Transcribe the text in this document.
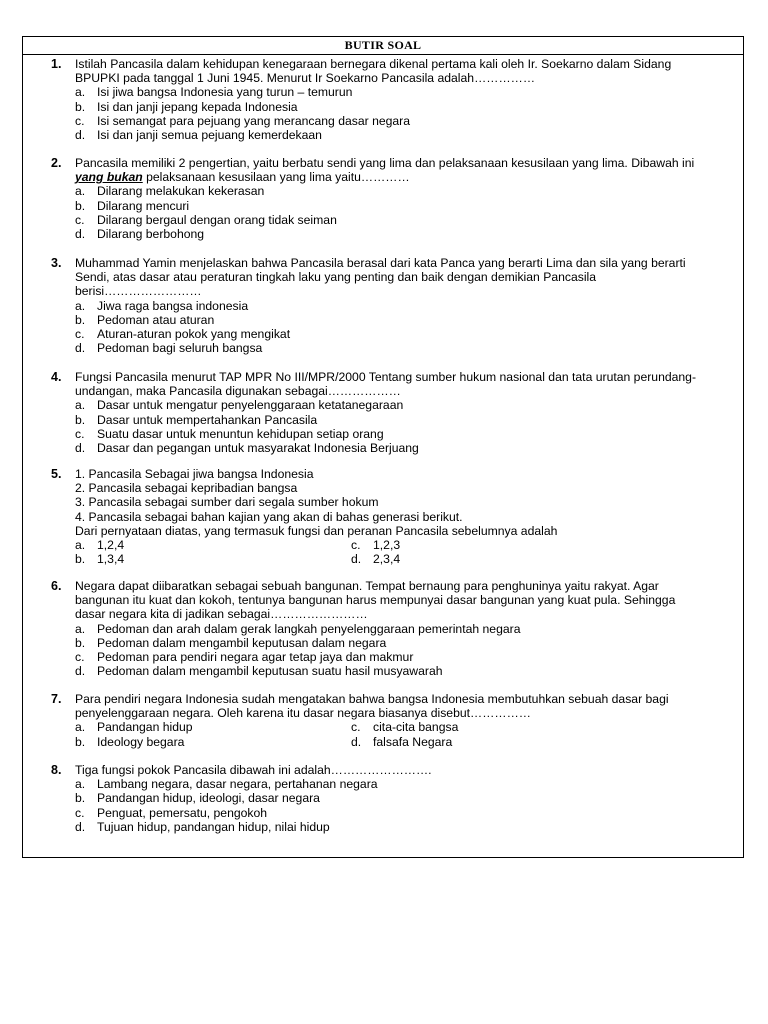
BUTIR SOAL
1.	Istilah Pancasila dalam kehidupan kenegaraan bernegara dikenal pertama kali oleh Ir. Soekarno dalam Sidang
BPUPKI pada tanggal 1 Juni 1945. Menurut Ir Soekarno Pancasila adalah……………
a. Isi jiwa bangsa Indonesia yang turun – temurun
b. Isi dan janji jepang kepada Indonesia
c. Isi semangat para pejuang yang merancang dasar negara
d. Isi dan janji semua pejuang kemerdekaan
2.	Pancasila memiliki 2 pengertian, yaitu berbatu sendi yang lima dan pelaksanaan kesusilaan yang lima. Dibawah ini
yang bukan pelaksanaan kesusilaan yang lima yaitu…………
a. Dilarang melakukan kekerasan
b. Dilarang mencuri
c. Dilarang bergaul dengan orang tidak seiman
d. Dilarang berbohong
3.	Muhammad Yamin menjelaskan bahwa Pancasila berasal dari kata Panca yang berarti Lima dan sila yang berarti
Sendi, atas dasar atau peraturan tingkah laku yang penting dan baik dengan demikian Pancasila
berisi……………………
a. Jiwa raga bangsa indonesia
b. Pedoman atau aturan
c. Aturan-aturan pokok yang mengikat
d. Pedoman bagi seluruh bangsa
4.	Fungsi Pancasila menurut TAP MPR No III/MPR/2000 Tentang sumber hukum nasional dan tata urutan perundang-
undangan, maka Pancasila digunakan sebagai………………
a. Dasar untuk mengatur penyelenggaraan ketatanegaraan
b. Dasar untuk mempertahankan Pancasila
c. Suatu dasar untuk menuntun kehidupan setiap orang
d. Dasar dan pegangan untuk masyarakat Indonesia Berjuang
5.	1. Pancasila Sebagai jiwa bangsa Indonesia
2. Pancasila sebagai kepribadian bangsa
3. Pancasila sebagai sumber dari segala sumber hokum
4. Pancasila sebagai bahan kajian yang akan di bahas generasi berikut.
Dari pernyataan diatas, yang termasuk fungsi dan peranan Pancasila sebelumnya adalah
a. 1,2,4	c. 1,2,3
b. 1,3,4	d. 2,3,4
6.	Negara dapat diibaratkan sebagai sebuah bangunan. Tempat bernaung para penghuninya yaitu rakyat. Agar
bangunan itu kuat dan kokoh, tentunya bangunan harus mempunyai dasar bangunan yang kuat pula. Sehingga
dasar negara kita di jadikan sebagai……………………
a. Pedoman dan arah dalam gerak langkah penyelenggaraan pemerintah negara
b. Pedoman dalam mengambil keputusan dalam negara
c. Pedoman para pendiri negara agar tetap jaya dan makmur
d. Pedoman dalam mengambil keputusan suatu hasil musyawarah
7.	Para pendiri negara Indonesia sudah mengatakan bahwa bangsa Indonesia membutuhkan sebuah dasar bagi
penyelenggaraan negara. Oleh karena itu dasar negara biasanya disebut……………
a. Pandangan hidup	c. cita-cita bangsa
b. Ideology begara	d. falsafa Negara
8.	Tiga fungsi pokok Pancasila dibawah ini adalah…………………….
a. Lambang negara, dasar negara, pertahanan negara
b. Pandangan hidup, ideologi, dasar negara
c. Penguat, pemersatu, pengokoh
d. Tujuan hidup, pandangan hidup, nilai hidup
